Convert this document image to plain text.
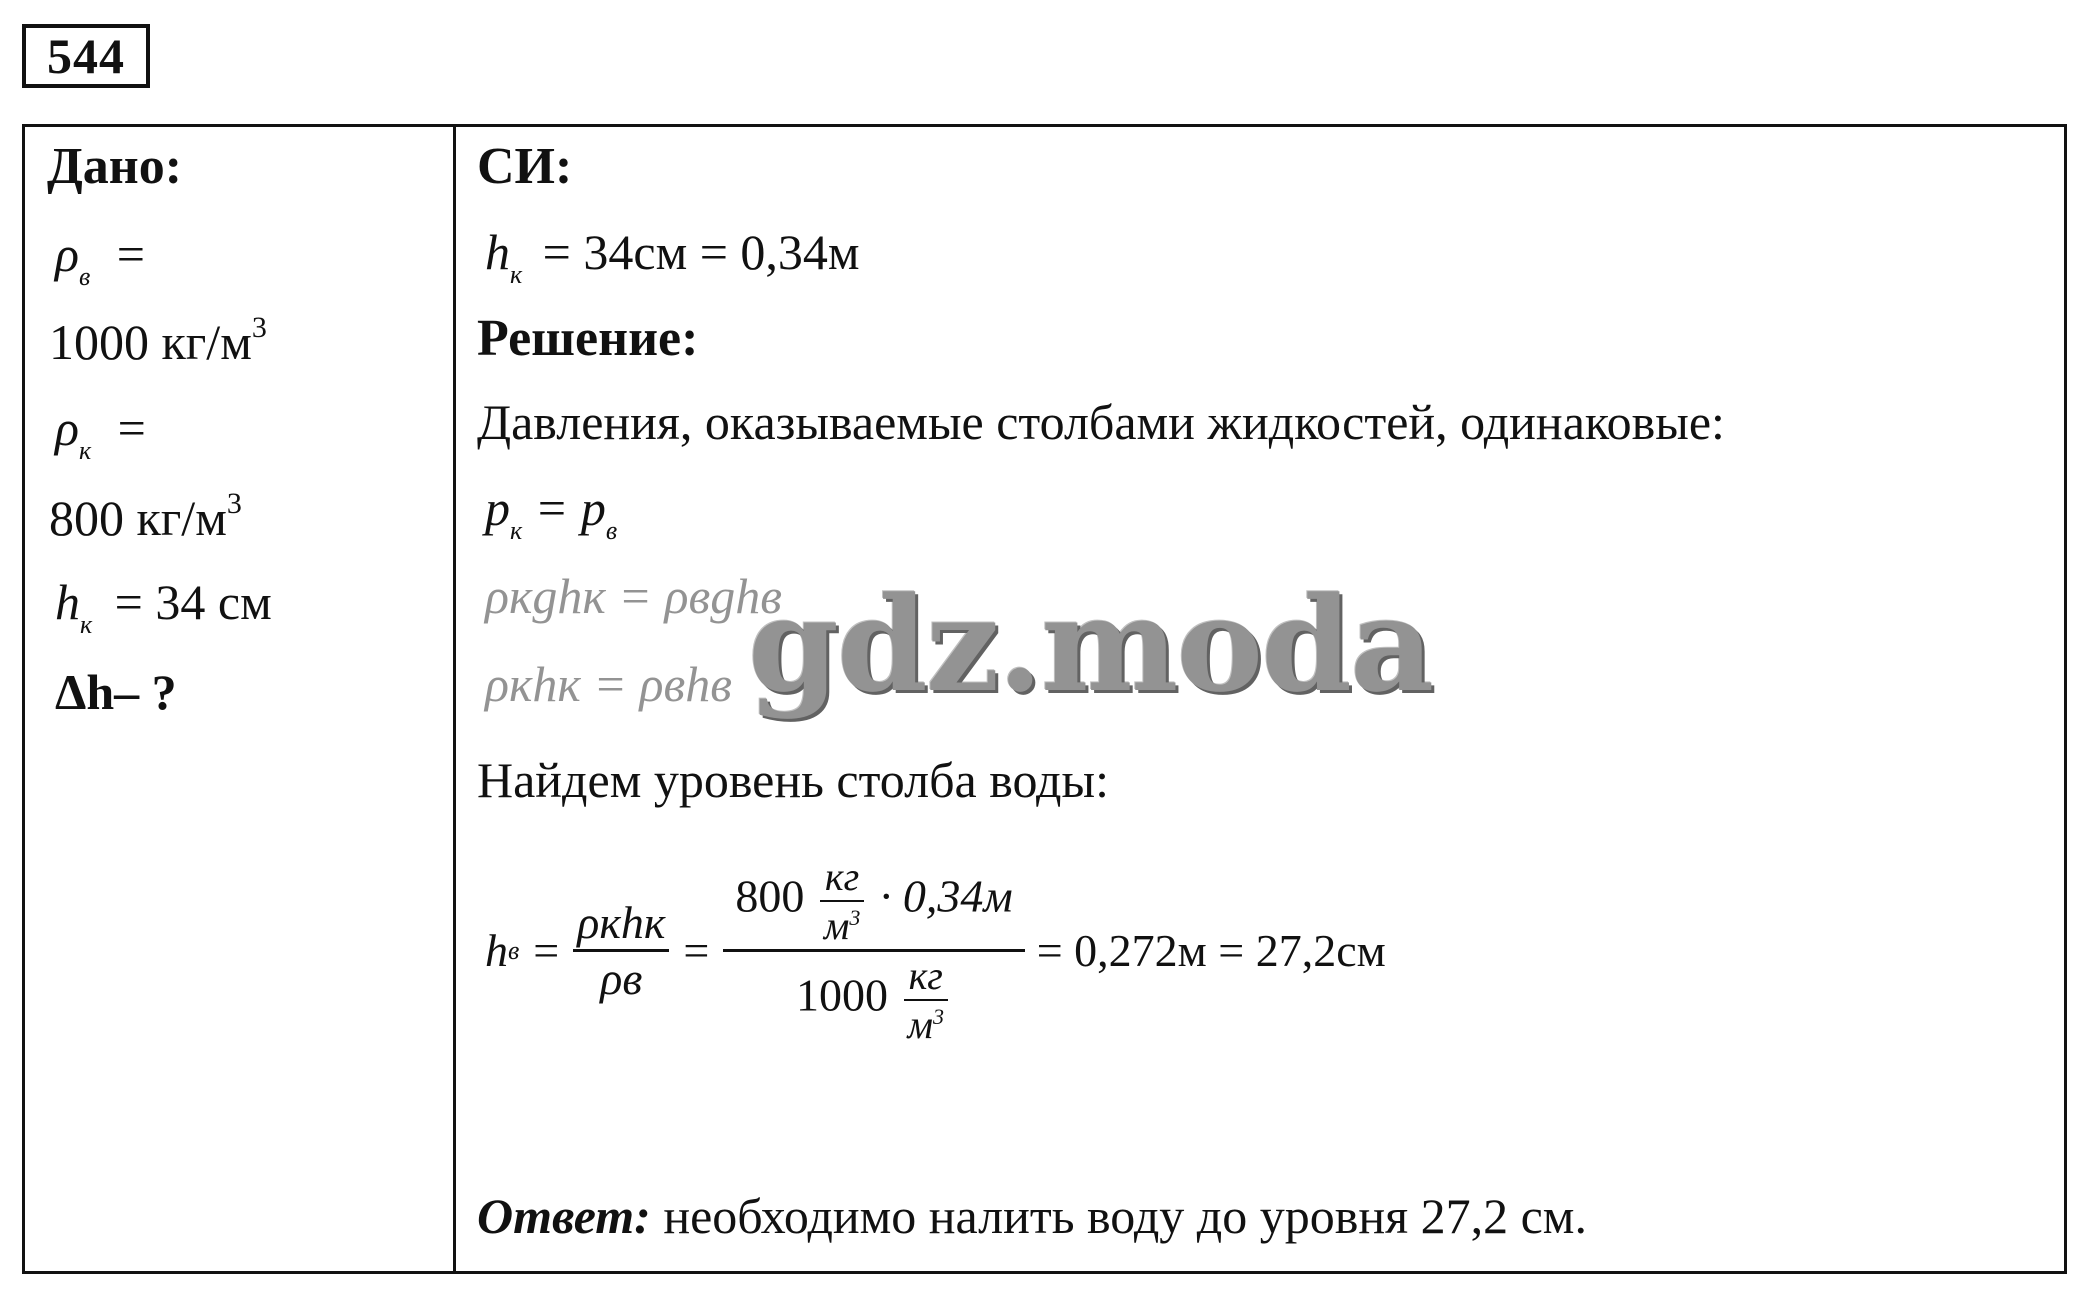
544
Дано:
$\rho_в$ =
1000 $кг/м^3$
$\rho_к$ =
800 $кг/м^3$
$h_к = 34$ см
Δh– ?
СИ:
$h_к = 34см = 0,34м$
Решение:
Давления, оказываемые столбами жидкостей, одинаковые:
$p_к = p_в$
ρкghк = ρвghв
ρкhк = ρвhв
Найдем уровень столба воды:
h в =
ρкhк
ρв
=
800 кг
$м^3 \cdot 0,34м$
1000 кг
$м^3$
= 0,272м = 27,2см
Ответ: необходимо налить воду до уровня 27,2 см.
gdz.moda
